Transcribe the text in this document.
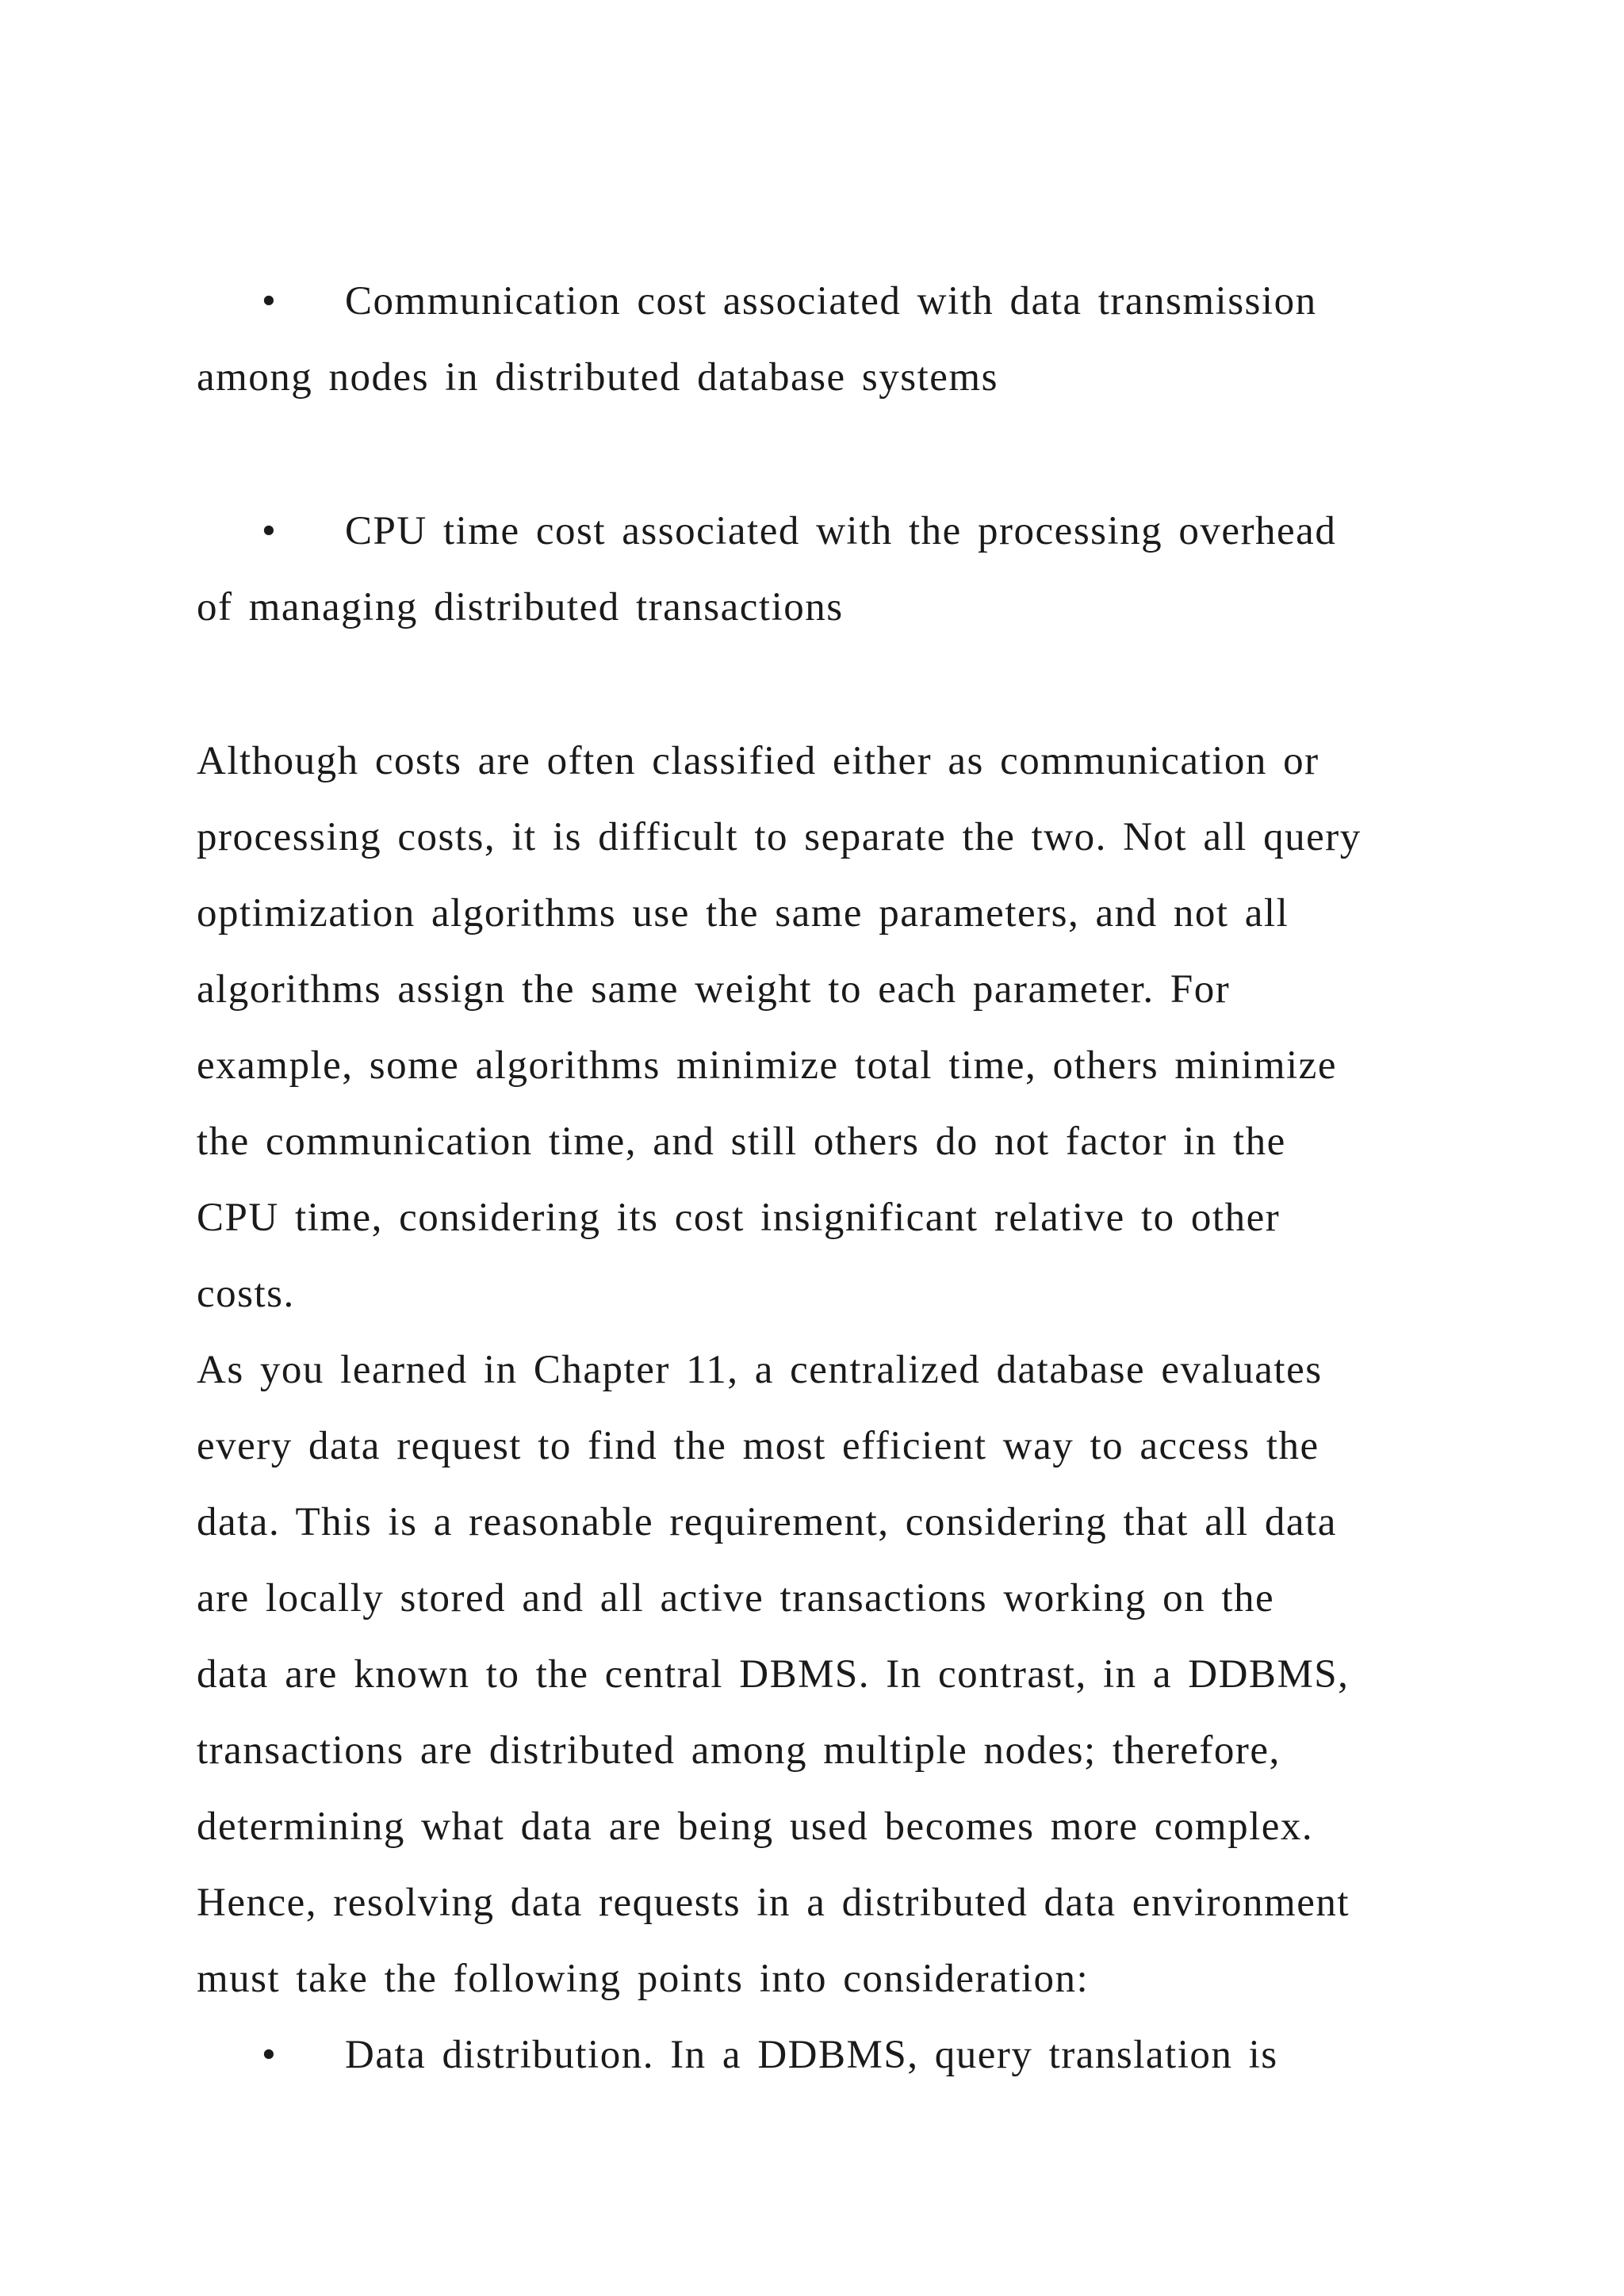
• Communication cost associated with data transmission
among nodes in distributed database systems
• CPU time cost associated with the processing overhead
of managing distributed transactions
Although costs are often classified either as communication or
processing costs, it is difficult to separate the two. Not all query
optimization algorithms use the same parameters, and not all
algorithms assign the same weight to each parameter. For
example, some algorithms minimize total time, others minimize
the communication time, and still others do not factor in the
CPU time, considering its cost insignificant relative to other
costs.
As you learned in Chapter 11, a centralized database evaluates
every data request to find the most efficient way to access the
data. This is a reasonable requirement, considering that all data
are locally stored and all active transactions working on the
data are known to the central DBMS. In contrast, in a DDBMS,
transactions are distributed among multiple nodes; therefore,
determining what data are being used becomes more complex.
Hence, resolving data requests in a distributed data environment
must take the following points into consideration:
• Data distribution. In a DDBMS, query translation is
